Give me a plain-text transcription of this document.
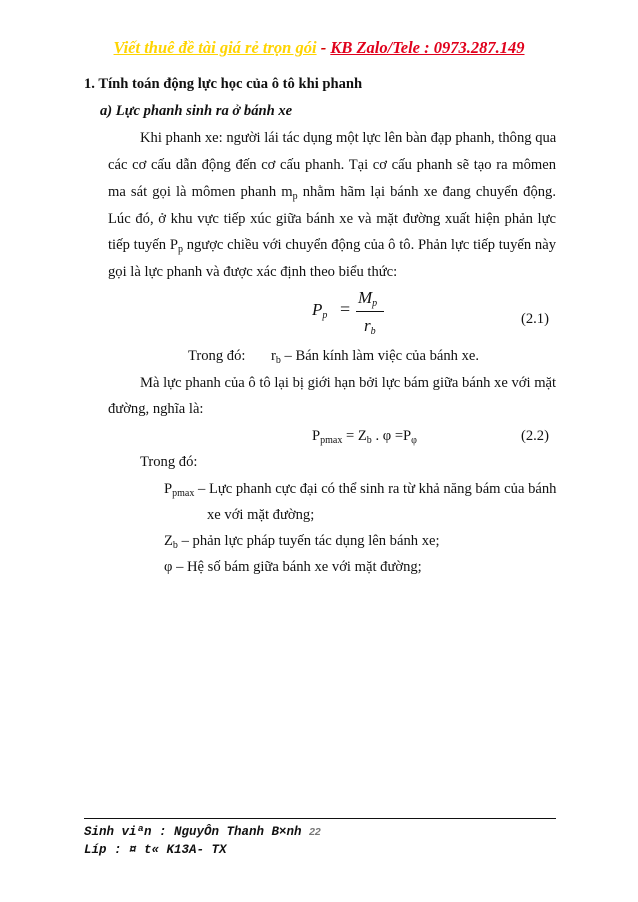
Viết thuê đề tài giá rẻ trọn gói - KB Zalo/Tele : 0973.287.149
1. Tính toán động lực học của ô tô khi phanh
a) Lực phanh sinh ra ở bánh xe
Khi phanh xe: người lái tác dụng một lực lên bàn đạp phanh, thông qua
các cơ cấu dẫn động đến cơ cấu phanh. Tại cơ cấu phanh sẽ tạo ra mômen
ma sát gọi là mômen phanh $m_p$ nhằm hãm lại bánh xe đang chuyển động.
Lúc đó, ở khu vực tiếp xúc giữa bánh xe và mặt đường xuất hiện phản lực
tiếp tuyến $P_p$ ngược chiều với chuyển động của ô tô. Phản lực tiếp tuyến này
gọi là lực phanh và được xác định theo biểu thức:
$P_p$ =
$M_p$
$r_b$
(2.1)
Trong đó: $r_b$ – Bán kính làm việc của bánh xe.
Mà lực phanh của ô tô lại bị giới hạn bởi lực bám giữa bánh xe với mặt
đường, nghĩa là:
$P_{pmax} = Z_b$ . $\varphi =P_\varphi$	(2.2)
Trong đó:
$P_{pmax}$ – Lực phanh cực đại có thể sinh ra từ khả năng bám của bánh
xe với mặt đường;
$Z_b$ – phản lực pháp tuyến tác dụng lên bánh xe;
φ – Hệ số bám giữa bánh xe với mặt đường;
Sinh viªn : NguyÔn Thanh B×nh 22
Líp : ¤ t« K13A- TX
